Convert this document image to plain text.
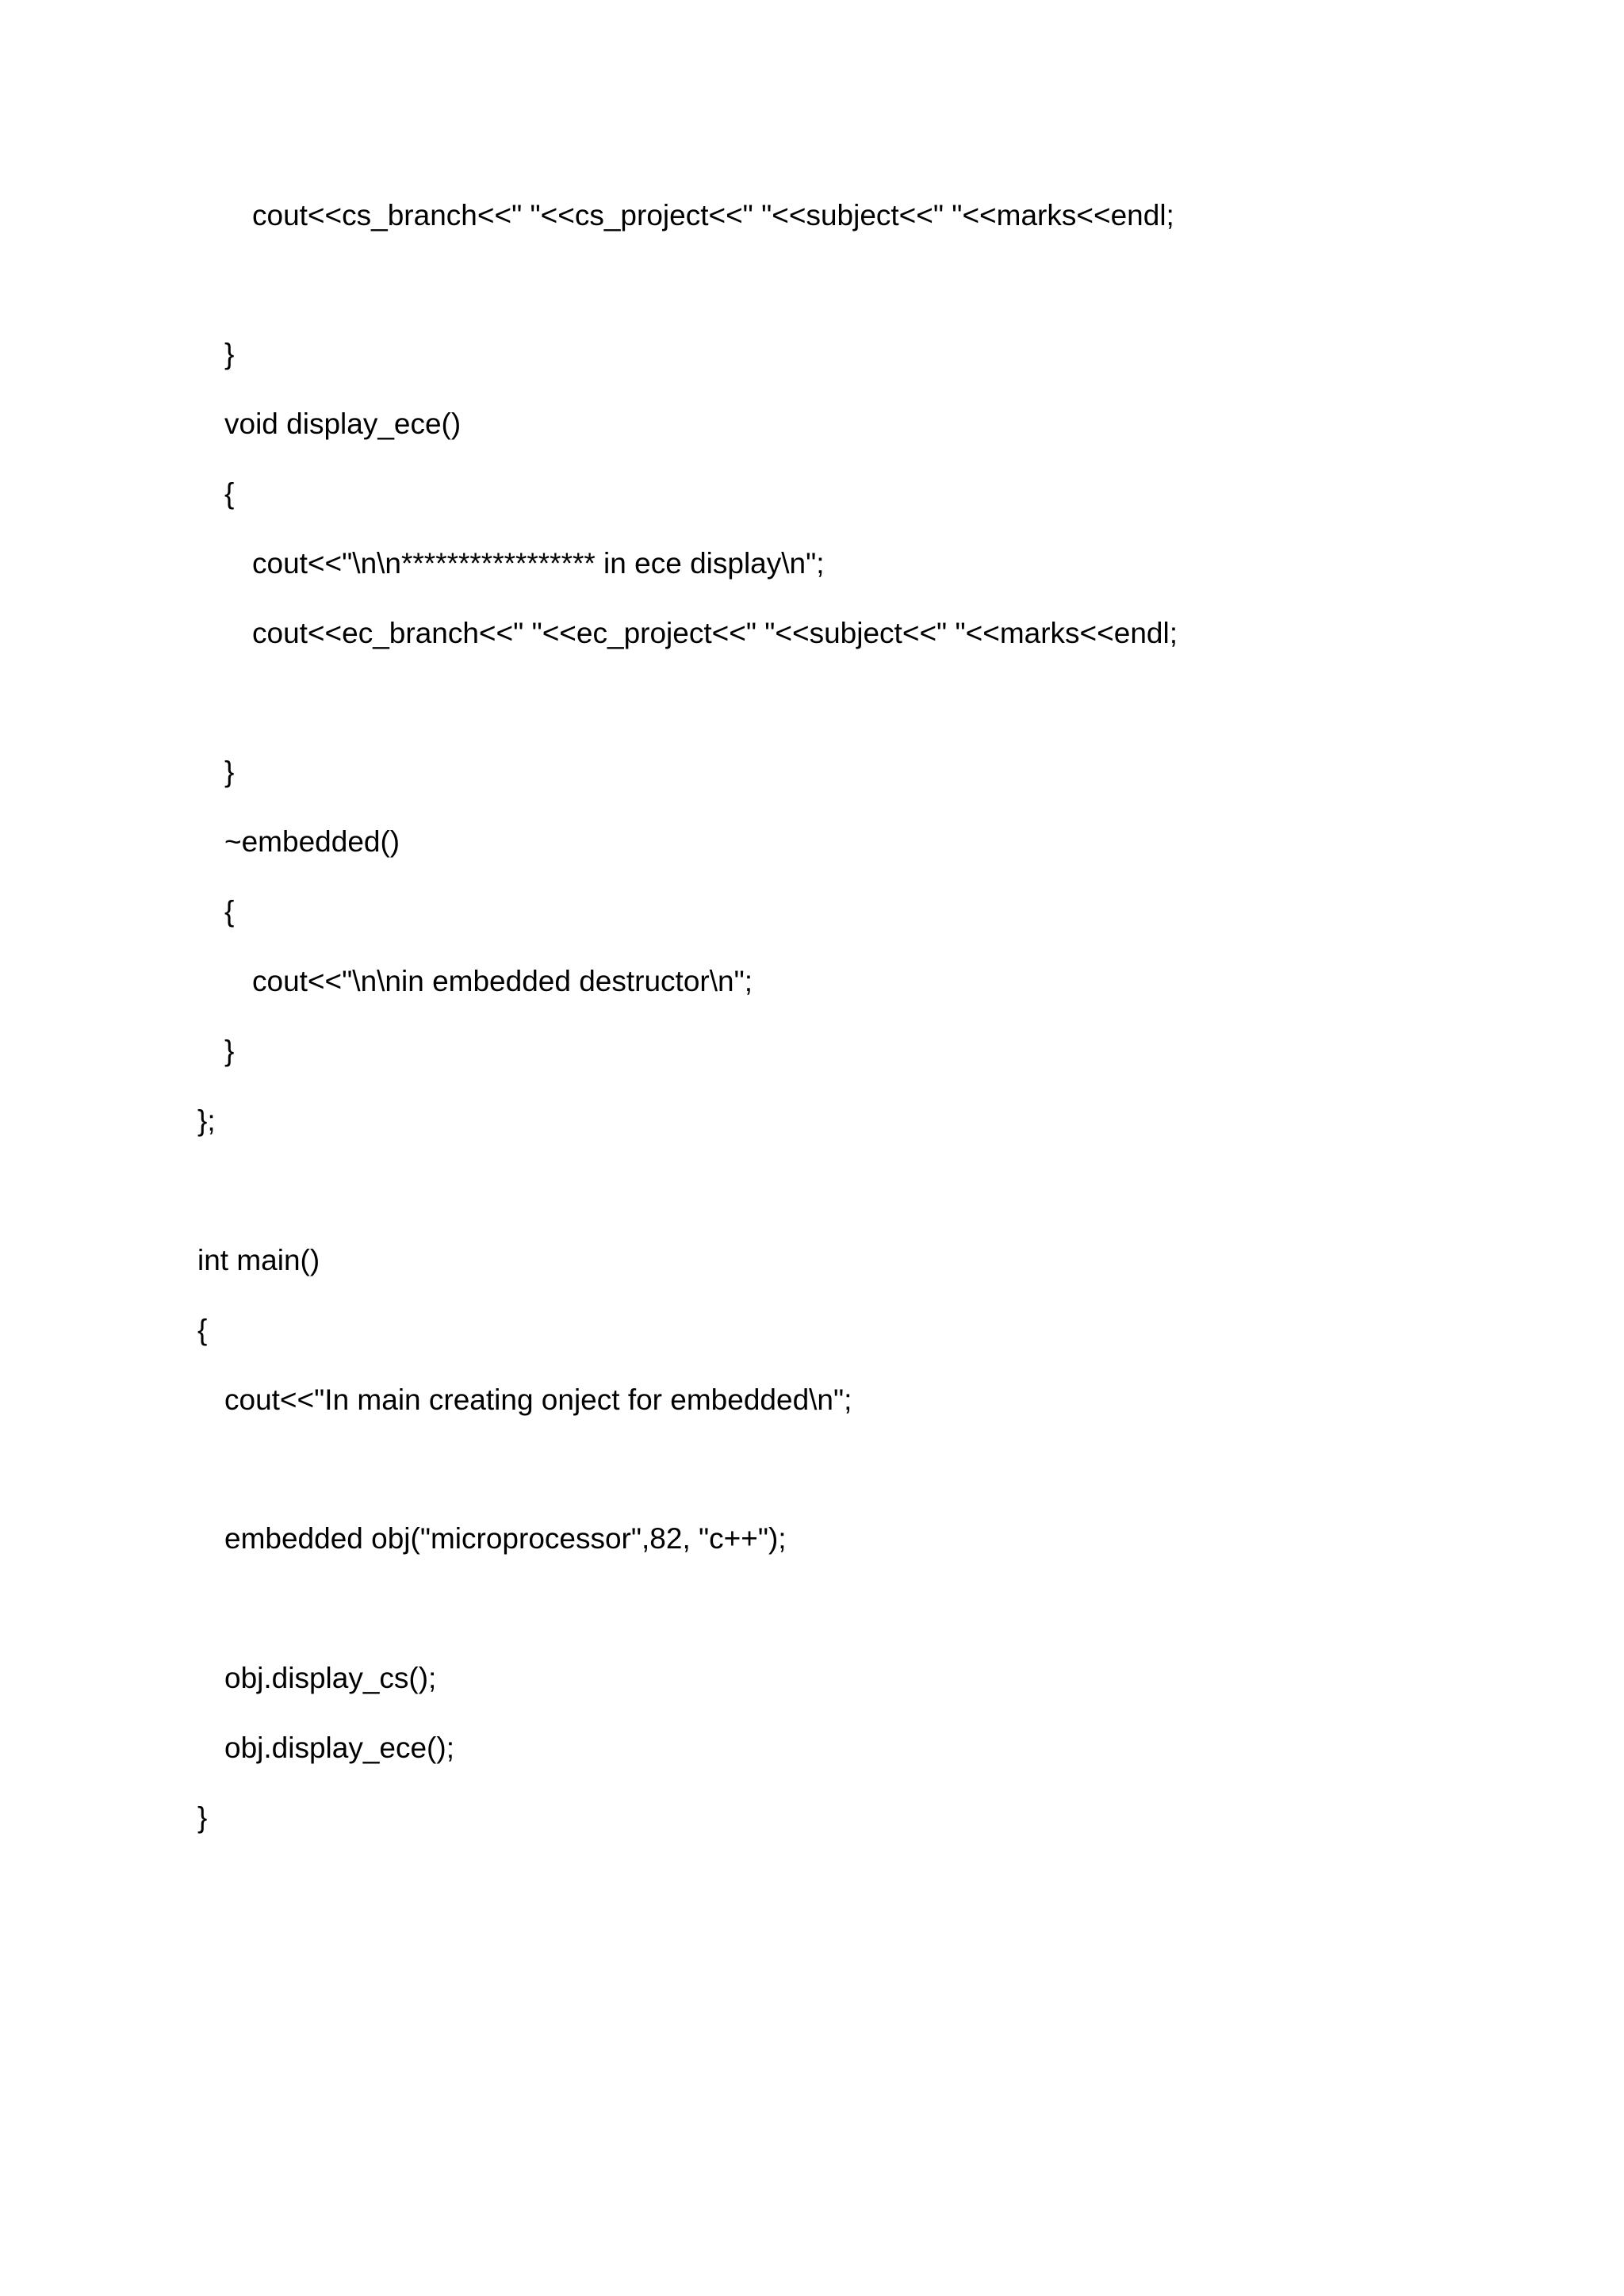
cout<<cs_branch<<" "<<cs_project<<" "<<subject<<" "<<marks<<endl;
}
void display_ece()
{
cout<<"\n\n***************** in ece display\n";
cout<<ec_branch<<" "<<ec_project<<" "<<subject<<" "<<marks<<endl;
}
~embedded()
{
cout<<"\n\nin embedded destructor\n";
}
};
int main()
{
cout<<"In main creating onject for embedded\n";
embedded obj("microprocessor",82, "c++");
obj.display_cs();
obj.display_ece();
}
